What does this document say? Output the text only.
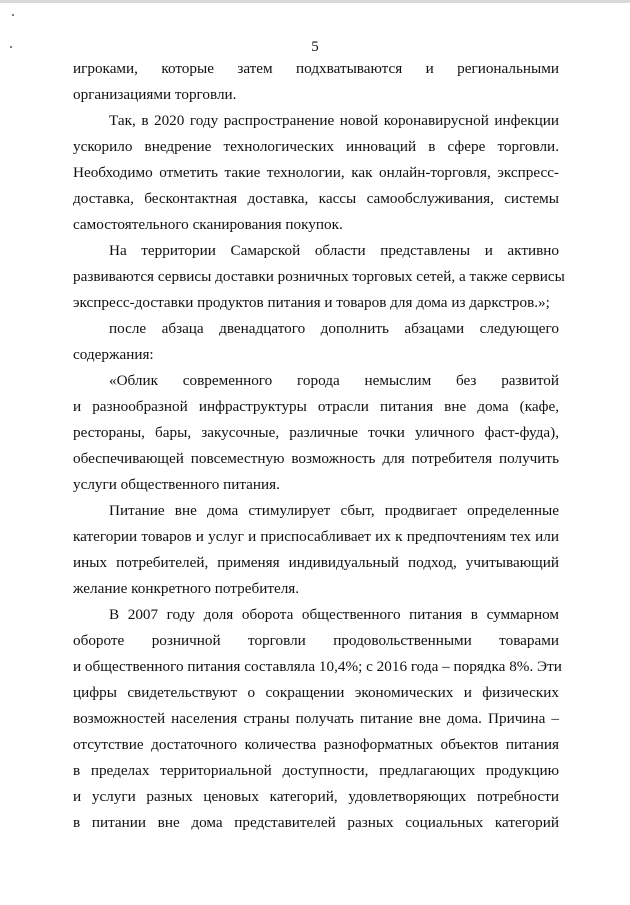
5
игроками, которые затем подхватываются и региональными
организациями торговли.
Так, в 2020 году распространение новой коронавирусной инфекции
ускорило внедрение технологических инноваций в сфере торговли.
Необходимо отметить такие технологии, как онлайн-торговля, экспресс-
доставка, бесконтактная доставка, кассы самообслуживания, системы
самостоятельного сканирования покупок.
На территории Самарской области представлены и активно
развиваются сервисы доставки розничных торговых сетей, а также сервисы
экспресс-доставки продуктов питания и товаров для дома из даркстров.»;
после абзаца двенадцатого дополнить абзацами следующего
содержания:
«Облик современного города немыслим без развитой
и разнообразной инфраструктуры отрасли питания вне дома (кафе,
рестораны, бары, закусочные, различные точки уличного фаст-фуда),
обеспечивающей повсеместную возможность для потребителя получить
услуги общественного питания.
Питание вне дома стимулирует сбыт, продвигает определенные
категории товаров и услуг и приспосабливает их к предпочтениям тех или
иных потребителей, применяя индивидуальный подход, учитывающий
желание конкретного потребителя.
В 2007 году доля оборота общественного питания в суммарном
обороте розничной торговли продовольственными товарами
и общественного питания составляла 10,4%; с 2016 года – порядка 8%. Эти
цифры свидетельствуют о сокращении экономических и физических
возможностей населения страны получать питание вне дома. Причина –
отсутствие достаточного количества разноформатных объектов питания
в пределах территориальной доступности, предлагающих продукцию
и услуги разных ценовых категорий, удовлетворяющих потребности
в питании вне дома представителей разных социальных категорий
